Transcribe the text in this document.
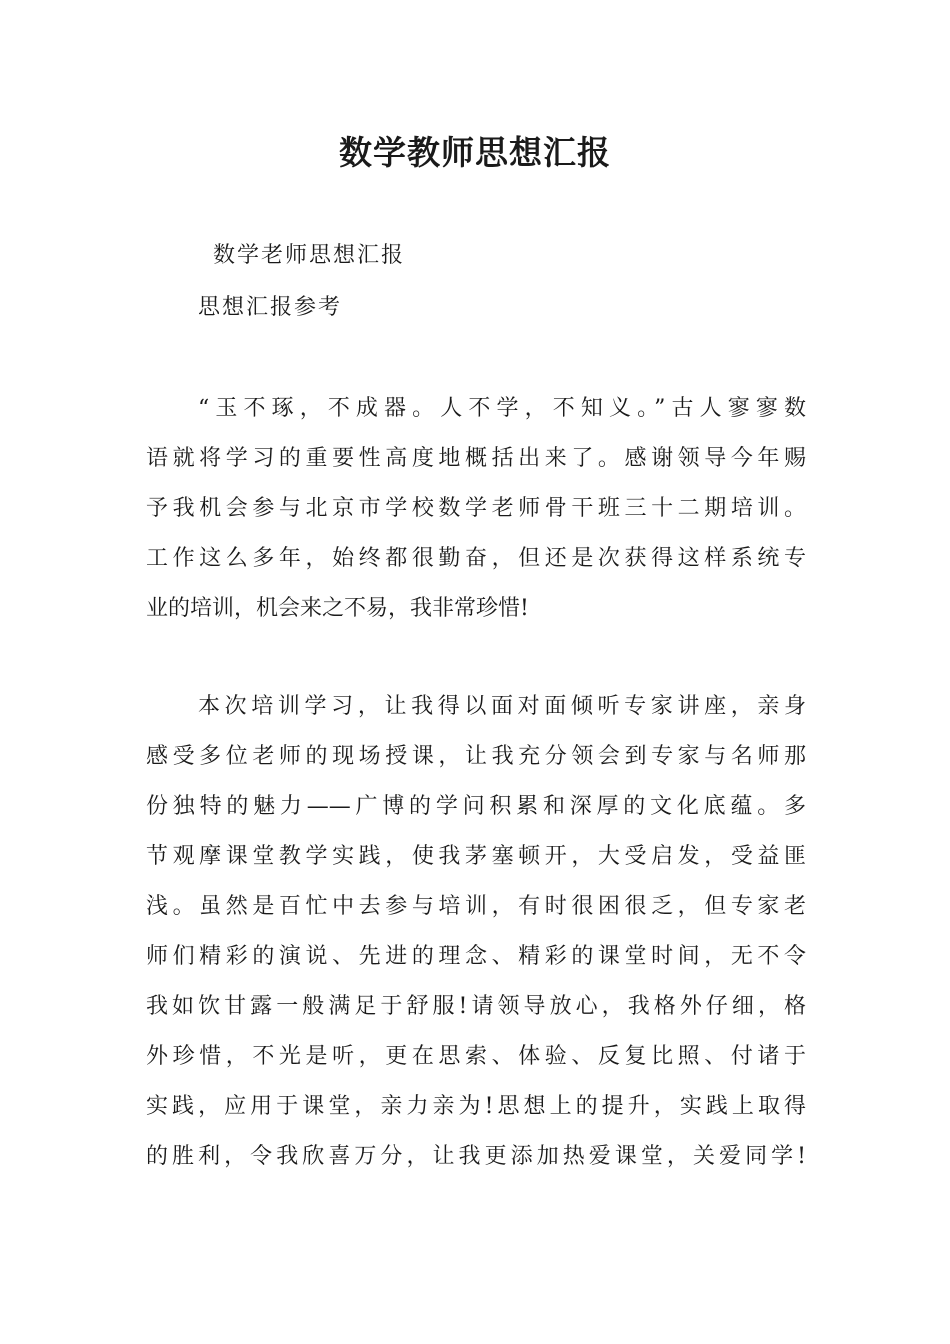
数学教师思想汇报
数学老师思想汇报
思想汇报参考
“玉不琢，不成器。人不学，不知义。”古人寥寥数
语就将学习的重要性高度地概括出来了。感谢领导今年赐
予我机会参与北京市学校数学老师骨干班三十二期培训。
工作这么多年，始终都很勤奋，但还是次获得这样系统专
业的培训，机会来之不易，我非常珍惜!
本次培训学习，让我得以面对面倾听专家讲座，亲身
感受多位老师的现场授课，让我充分领会到专家与名师那
份独特的魅力——广博的学问积累和深厚的文化底蕴。多
节观摩课堂教学实践，使我茅塞顿开，大受启发，受益匪
浅。虽然是百忙中去参与培训，有时很困很乏，但专家老
师们精彩的演说、先进的理念、精彩的课堂时间，无不令
我如饮甘露一般满足于舒服!请领导放心，我格外仔细，格
外珍惜，不光是听，更在思索、体验、反复比照、付诸于
实践，应用于课堂，亲力亲为!思想上的提升，实践上取得
的胜利，令我欣喜万分，让我更添加热爱课堂，关爱同学!
